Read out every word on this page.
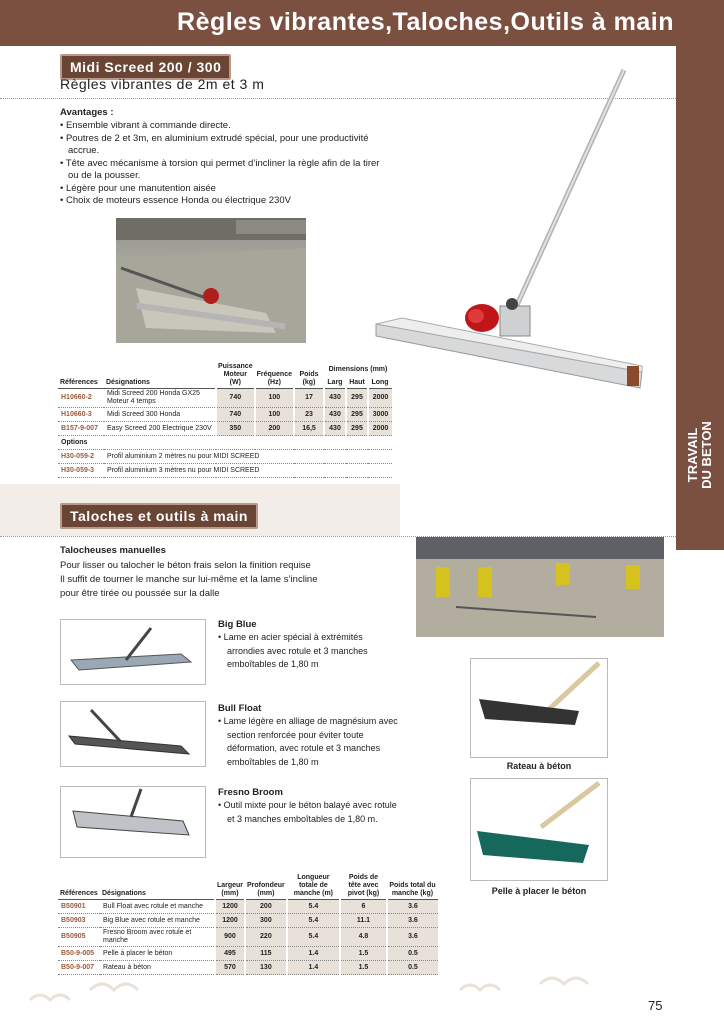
Règles vibrantes,Taloches,Outils à main
TRAVAIL
DU BETON
Midi Screed 200 / 300
Règles vibrantes de 2m et 3 m
Avantages :
• Ensemble vibrant à commande directe.
• Poutres de 2 et 3m, en aluminium extrudé spécial, pour une productivité accrue.
• Tête avec mécanisme à torsion qui permet d’incliner la règle afin de la tirer ou de la pousser.
• Légère pour une manutention aisée
• Choix de moteurs essence Honda ou électrique 230V
		Puissance Moteur (W)	Fréquence (Hz)	Poids (kg)	Dimensions (mm)		
Références	Désignations				Larg	Haut	Long
H10660-2	Midi Screed 200 Honda GX25 Moteur 4 temps	740	100	17	430	295	2000
H10660-3	Midi Screed 300 Honda	740	100	23	430	295	3000
B157-9-007	Easy Screed 200 Electrique 230V	350	200	16,5	430	295	2000
Options							
H30-059-2	Profil aluminium 2 mètres nu pour MIDI SCREED						
H30-059-3	Profil aluminium 3 mètres nu pour MIDI SCREED						
Taloches et outils à main
Talocheuses manuelles
Pour lisser ou talocher le béton frais selon la finition requise
Il suffit de tourner le manche sur lui-même et la lame s’incline
pour être tirée ou poussée sur la dalle
Big Blue
• Lame en acier spécial à extrémités arrondies avec rotule et 3 manches emboîtables de 1,80 m
Bull Float
• Lame légère en alliage de magnésium avec section renforcée pour éviter toute déformation, avec rotule et 3 manches emboîtables de 1,80 m
Fresno Broom
• Outil mixte pour le béton balayé avec rotule et 3 manches emboîtables de 1,80 m.
Rateau à béton
Pelle à placer le béton
Références	Désignations	Largeur (mm)	Profondeur (mm)	Longueur totale de manche (m)	Poids de tête avec pivot (kg)	Poids total du manche (kg)
B50901	Bull Float avec rotule et manche	1200	200	5.4	6	3.6
B50903	Big Blue avec rotule et manche	1200	300	5.4	11.1	3.6
B50905	Fresno Broom avec rotule et manche	900	220	5.4	4.8	3.6
B50-9-005	Pelle à placer le béton	495	115	1.4	1.5	0.5
B50-9-007	Rateau à béton	570	130	1.4	1.5	0.5
75
